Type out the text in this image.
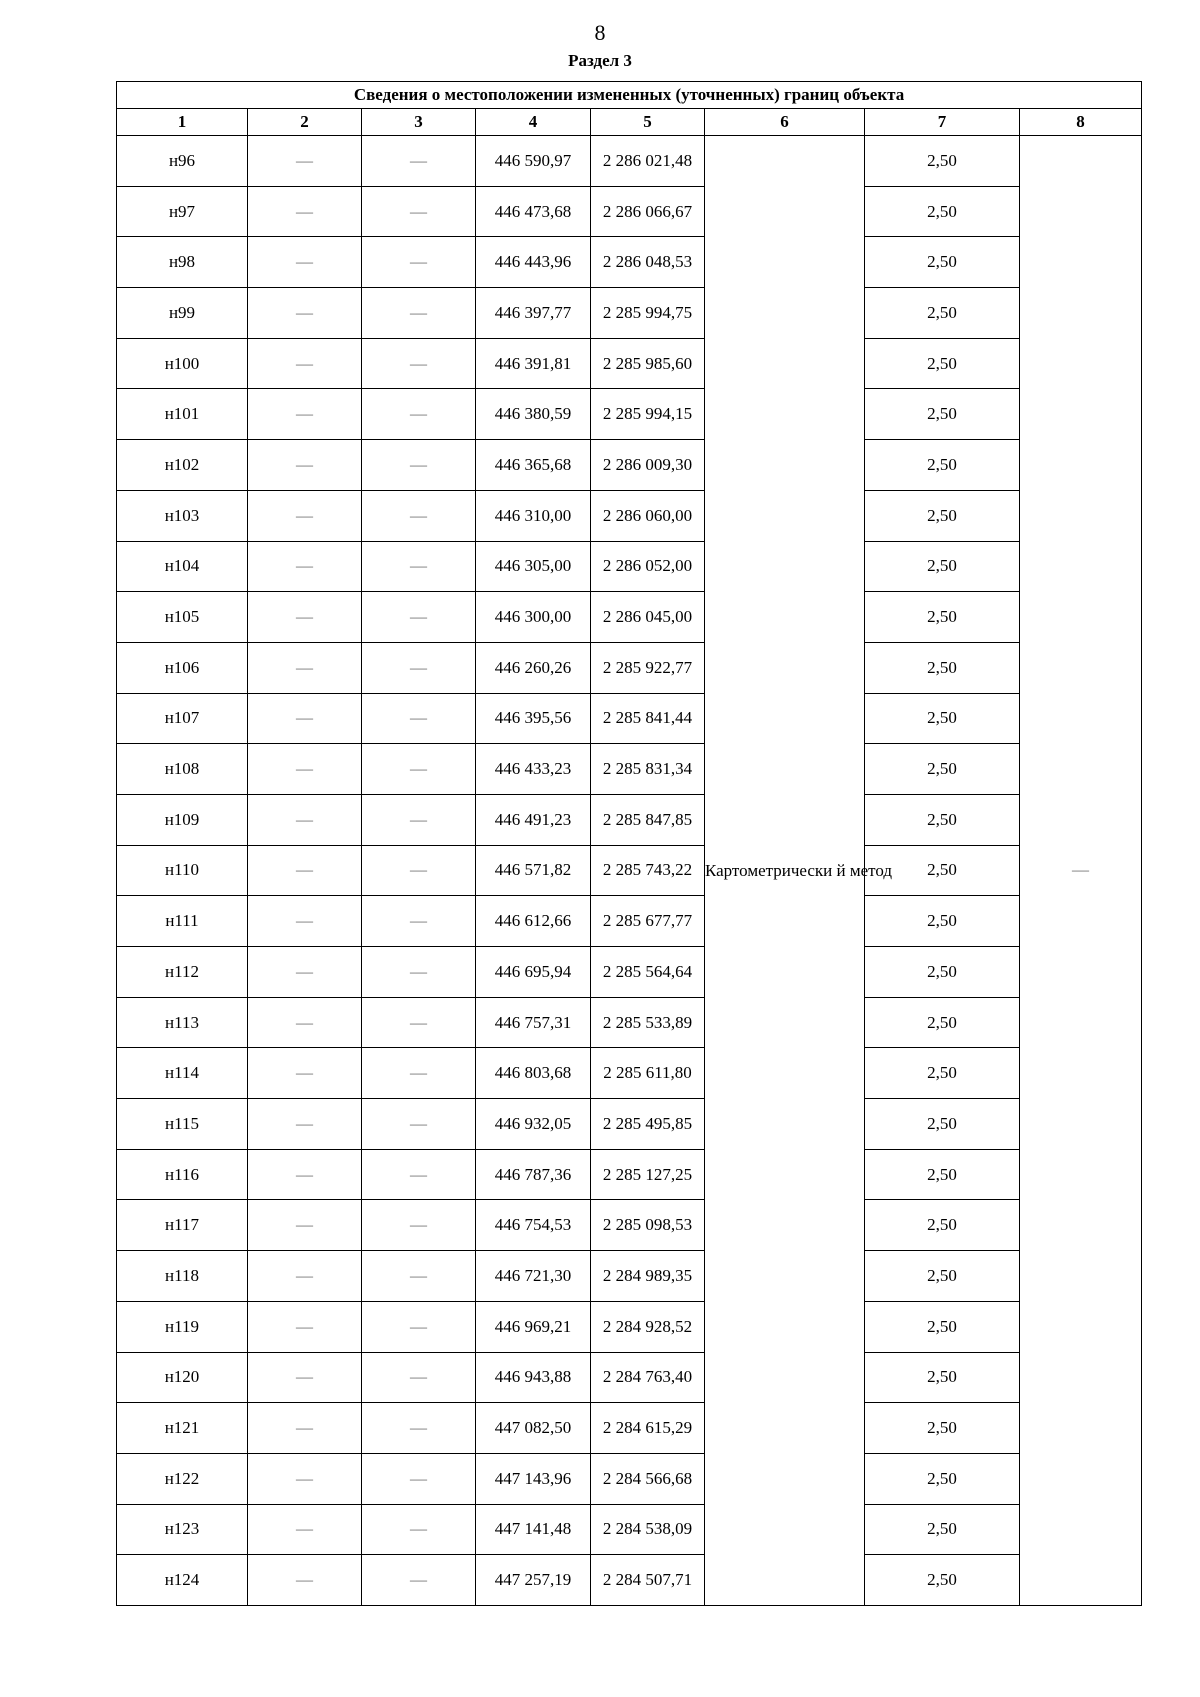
8
Раздел 3
Сведения о местоположении измененных (уточненных) границ объекта							
1	2	3	4	5	6	7	8
н96	—	—	446 590,97	2 286 021,48	Картометрически й метод	2,50	—
н97	—	—	446 473,68	2 286 066,67		2,50	
н98	—	—	446 443,96	2 286 048,53		2,50	
н99	—	—	446 397,77	2 285 994,75		2,50	
н100	—	—	446 391,81	2 285 985,60		2,50	
н101	—	—	446 380,59	2 285 994,15		2,50	
н102	—	—	446 365,68	2 286 009,30		2,50	
н103	—	—	446 310,00	2 286 060,00		2,50	
н104	—	—	446 305,00	2 286 052,00		2,50	
н105	—	—	446 300,00	2 286 045,00		2,50	
н106	—	—	446 260,26	2 285 922,77		2,50	
н107	—	—	446 395,56	2 285 841,44		2,50	
н108	—	—	446 433,23	2 285 831,34		2,50	
н109	—	—	446 491,23	2 285 847,85		2,50	
н110	—	—	446 571,82	2 285 743,22		2,50	
н111	—	—	446 612,66	2 285 677,77		2,50	
н112	—	—	446 695,94	2 285 564,64		2,50	
н113	—	—	446 757,31	2 285 533,89		2,50	
н114	—	—	446 803,68	2 285 611,80		2,50	
н115	—	—	446 932,05	2 285 495,85		2,50	
н116	—	—	446 787,36	2 285 127,25		2,50	
н117	—	—	446 754,53	2 285 098,53		2,50	
н118	—	—	446 721,30	2 284 989,35		2,50	
н119	—	—	446 969,21	2 284 928,52		2,50	
н120	—	—	446 943,88	2 284 763,40		2,50	
н121	—	—	447 082,50	2 284 615,29		2,50	
н122	—	—	447 143,96	2 284 566,68		2,50	
н123	—	—	447 141,48	2 284 538,09		2,50	
н124	—	—	447 257,19	2 284 507,71		2,50	
